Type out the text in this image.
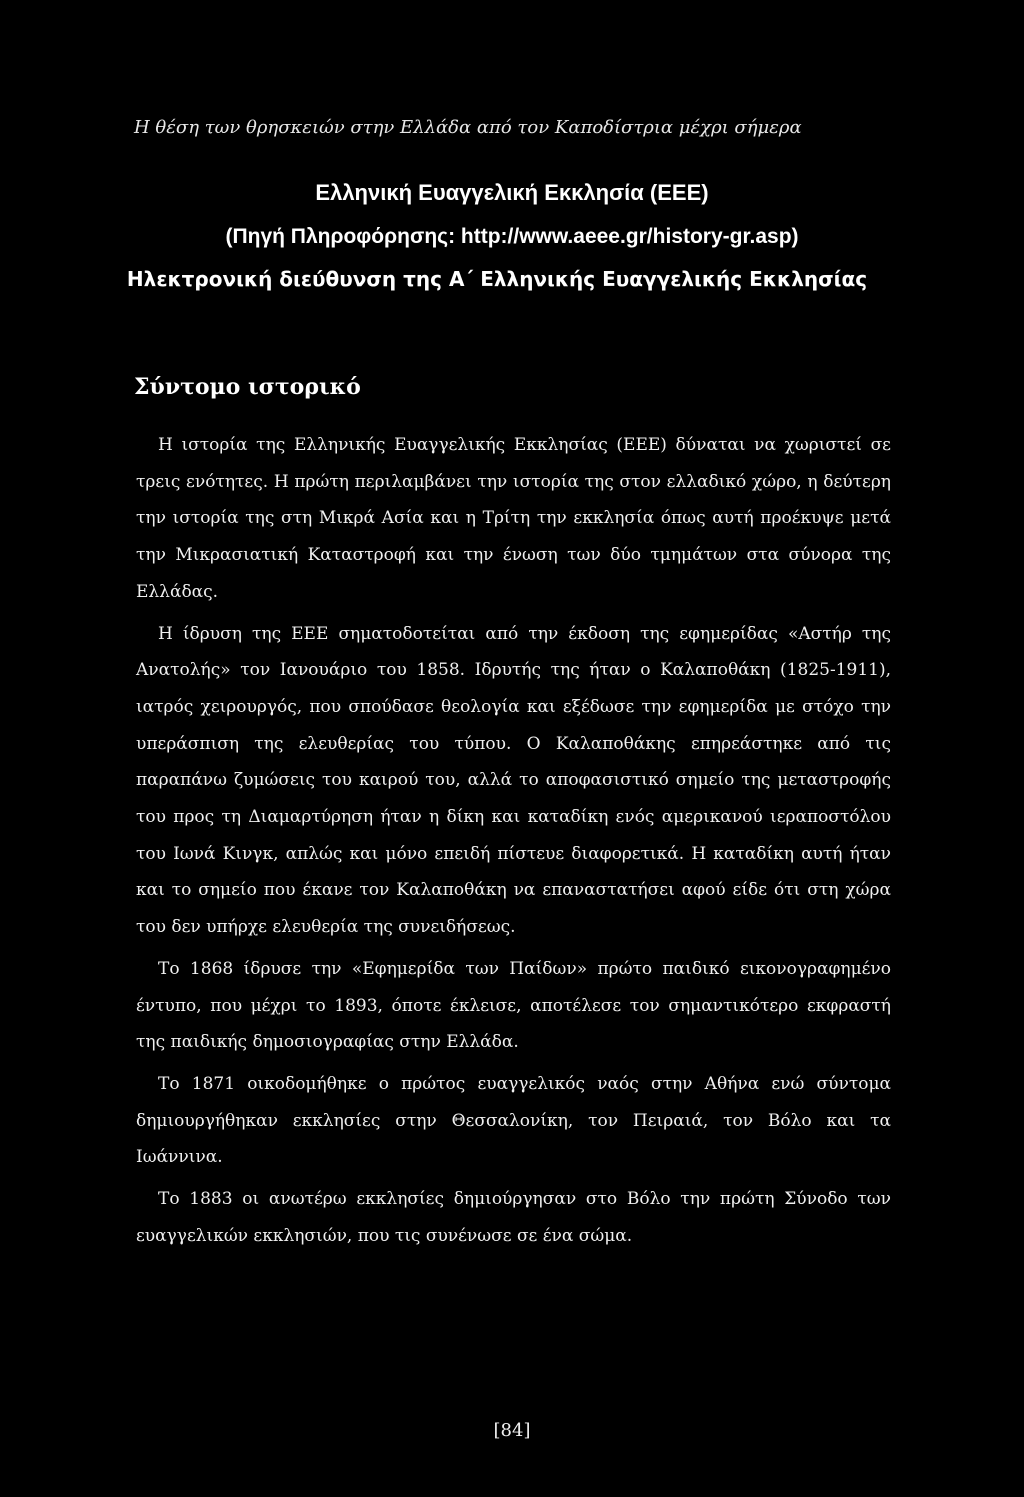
Η θέση των θρησκειών στην Ελλάδα από τον Καποδίστρια μέχρι σήμερα
Ελληνική Ευαγγελική Εκκλησία (ΕΕΕ)
(Πηγή Πληροφόρησης: http://www.aeee.gr/history-gr.asp)
Ηλεκτρονική διεύθυνση της Α΄ Ελληνικής Ευαγγελικής Εκκλησίας
Σύντομο ιστορικό

Η ιστορία της Ελληνικής Ευαγγελικής Εκκλησίας (ΕΕΕ) δύναται να χωριστεί σε τρεις ενότητες. Η πρώτη περιλαμβάνει την ιστορία της στον ελλαδικό χώρο, η δεύτερη την ιστορία της στη Μικρά Ασία και η Τρίτη την εκκλησία όπως αυτή προέκυψε μετά την Μικρασιατική Καταστροφή και την ένωση των δύο τμημάτων στα σύνορα της Ελλάδας.

Η ίδρυση της ΕΕΕ σηματοδοτείται από την έκδοση της εφημερίδας «Αστήρ της Ανατολής» τον Ιανουάριο του 1858. Ιδρυτής της ήταν ο Καλαποθάκη (1825-1911), ιατρός χειρουργός, που σπούδασε θεολογία και εξέδωσε την εφημερίδα με στόχο την υπεράσπιση της ελευθερίας του τύπου. Ο Καλαποθάκης επηρεάστηκε από τις παραπάνω ζυμώσεις του καιρού του, αλλά το αποφασιστικό σημείο της μεταστροφής του προς τη Διαμαρτύρηση ήταν η δίκη και καταδίκη ενός αμερικανού ιεραποστόλου του Ιωνά Κινγκ, απλώς και μόνο επειδή πίστευε διαφορετικά. Η καταδίκη αυτή ήταν και το σημείο που έκανε τον Καλαποθάκη να επαναστατήσει αφού είδε ότι στη χώρα του δεν υπήρχε ελευθερία της συνειδήσεως.

Το 1868 ίδρυσε την «Εφημερίδα των Παίδων» πρώτο παιδικό εικονογραφημένο έντυπο, που μέχρι το 1893, όποτε έκλεισε, αποτέλεσε τον σημαντικότερο εκφραστή της παιδικής δημοσιογραφίας στην Ελλάδα.

Το 1871 οικοδομήθηκε ο πρώτος ευαγγελικός ναός στην Αθήνα ενώ σύντομα δημιουργήθηκαν εκκλησίες στην Θεσσαλονίκη, τον Πειραιά, τον Βόλο και τα Ιωάννινα.

Το 1883 οι ανωτέρω εκκλησίες δημιούργησαν στο Βόλο την πρώτη Σύνοδο των ευαγγελικών εκκλησιών, που τις συνένωσε σε ένα σώμα.

[84]
